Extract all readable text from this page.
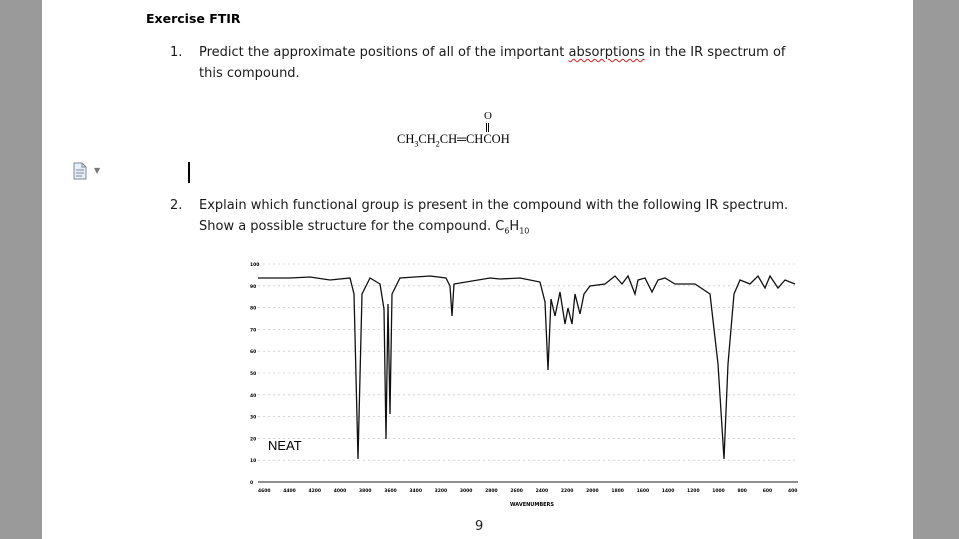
Exercise FTIR
1. Predict the approximate positions of all of the important absorptions in the IR spectrum of
this compound.
O
$CH_3CH_2CH═CHCOH$
▼
2. Explain which functional group is present in the compound with the following IR spectrum.
Show a possible structure for the compound. $C_6H_{10}$
100
90
80
70
60
50
40
30
20
10
0
4600	4400	4200	4000	3800	3600	3400	3200	3000	2800	2600	2400	2200	2000	1800	1600	1400	1200	1000	800	600	400
NEAT
WAVENUMBERS
9
